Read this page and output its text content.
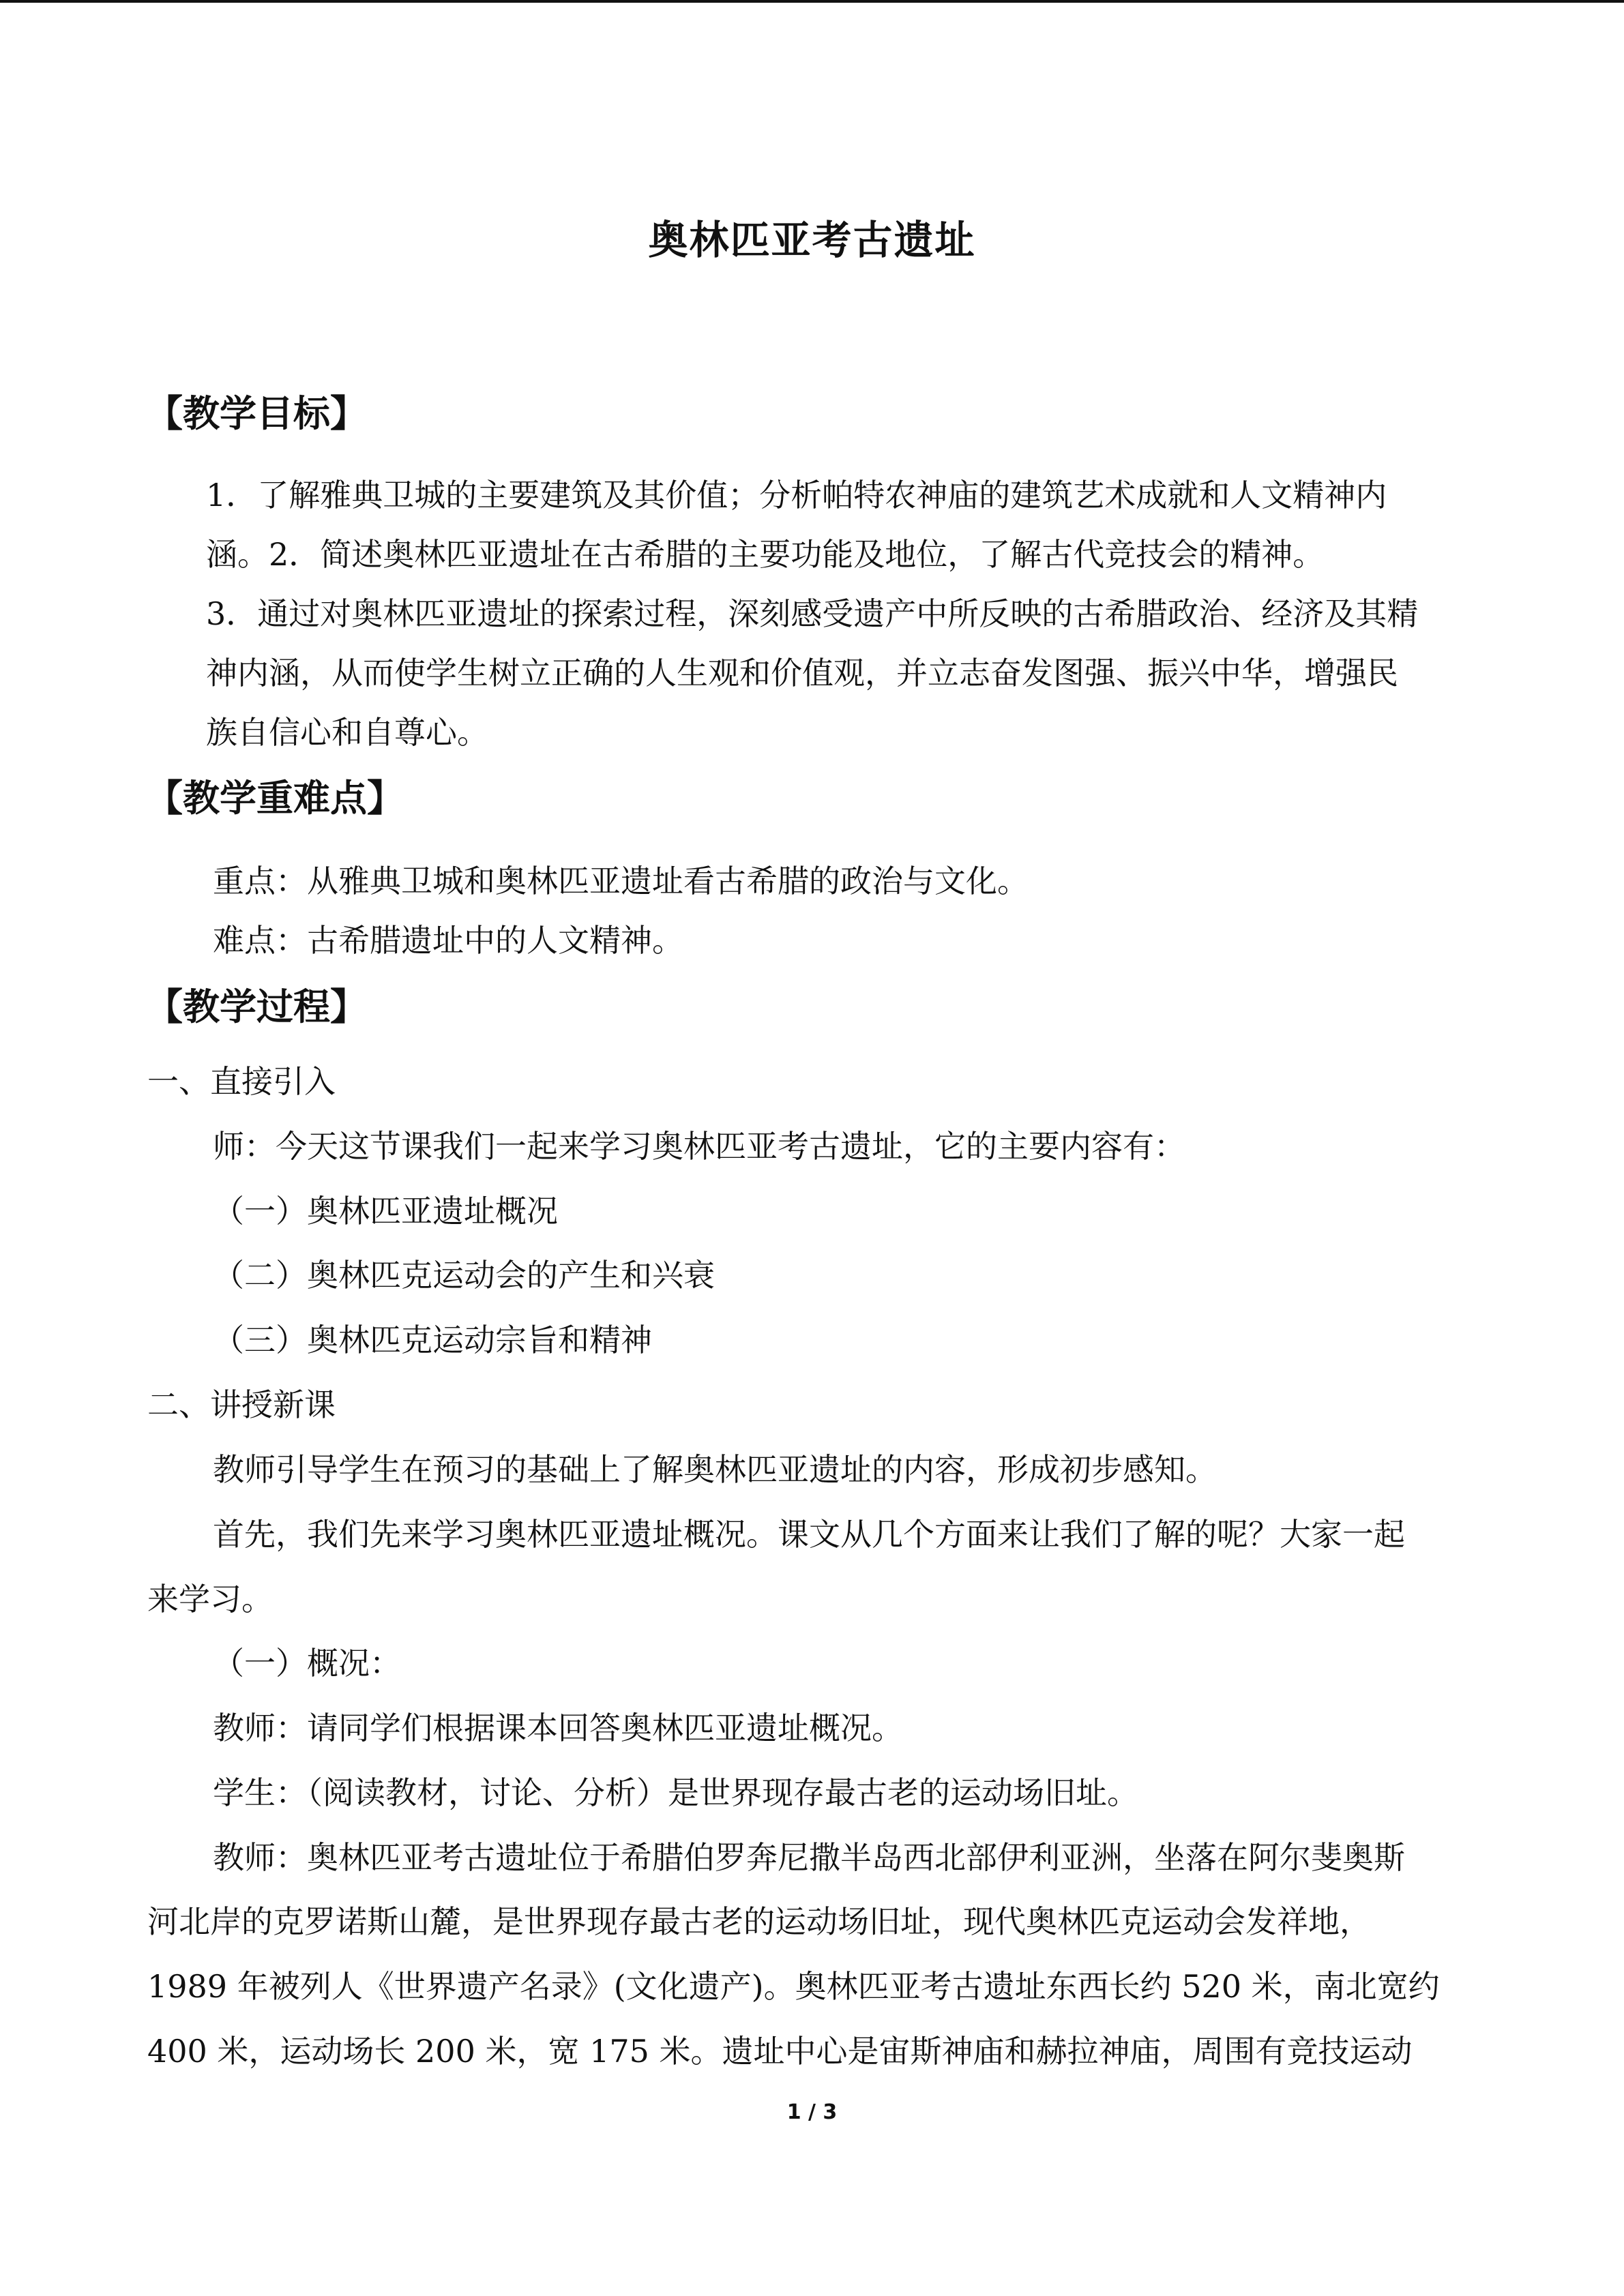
奥林匹亚考古遗址
【教学目标】
1．了解雅典卫城的主要建筑及其价值；分析帕特农神庙的建筑艺术成就和人文精神内
涵。2．简述奥林匹亚遗址在古希腊的主要功能及地位，了解古代竞技会的精神。
3．通过对奥林匹亚遗址的探索过程，深刻感受遗产中所反映的古希腊政治、经济及其精
神内涵，从而使学生树立正确的人生观和价值观，并立志奋发图强、振兴中华，增强民
族自信心和自尊心。
【教学重难点】
重点：从雅典卫城和奥林匹亚遗址看古希腊的政治与文化。
难点：古希腊遗址中的人文精神。
【教学过程】
一、直接引入
师：今天这节课我们一起来学习奥林匹亚考古遗址，它的主要内容有：
（一）奥林匹亚遗址概况
（二）奥林匹克运动会的产生和兴衰
（三）奥林匹克运动宗旨和精神
二、讲授新课
教师引导学生在预习的基础上了解奥林匹亚遗址的内容，形成初步感知。
首先，我们先来学习奥林匹亚遗址概况。课文从几个方面来让我们了解的呢？大家一起
来学习。
（一）概况：
教师：请同学们根据课本回答奥林匹亚遗址概况。
学生：（阅读教材，讨论、分析）是世界现存最古老的运动场旧址。
教师：奥林匹亚考古遗址位于希腊伯罗奔尼撒半岛西北部伊利亚洲，坐落在阿尔斐奥斯
河北岸的克罗诺斯山麓，是世界现存最古老的运动场旧址，现代奥林匹克运动会发祥地，
1989 年被列人《世界遗产名录》(文化遗产)。奥林匹亚考古遗址东西长约 520 米，南北宽约
400 米，运动场长 200 米，宽 175 米。遗址中心是宙斯神庙和赫拉神庙，周围有竞技运动
1 / 3
